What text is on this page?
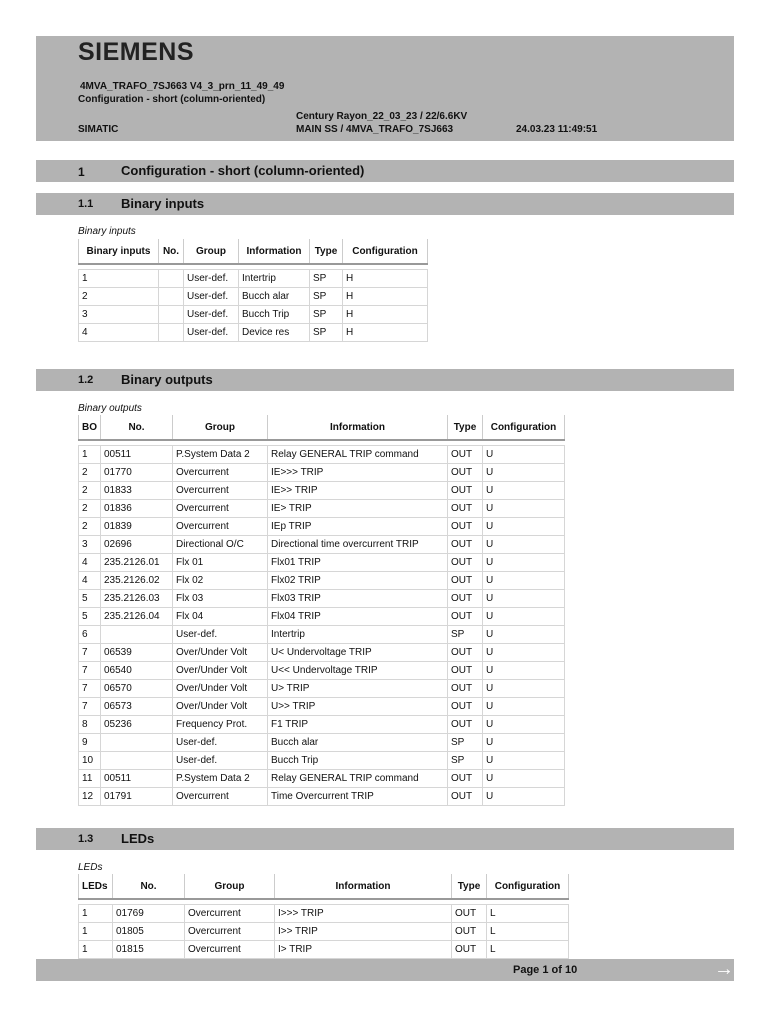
SIEMENS
4MVA_TRAFO_7SJ663 V4_3_prn_11_49_49
Configuration - short (column-oriented)
Century Rayon_22_03_23 / 22/6.6KV
SIMATIC	MAIN SS / 4MVA_TRAFO_7SJ663	24.03.23 11:49:51
1	Configuration - short (column-oriented)
1.1 Binary inputs
Binary inputs
Binary inputs	No.	Group	Information	Type	Configuration

1		User-def.	Intertrip	SP	H
2		User-def.	Bucch alar	SP	H
3		User-def.	Bucch Trip	SP	H
4		User-def.	Device res	SP	H
1.2 Binary outputs
Binary outputs
BO	No.	Group	Information	Type	Configuration

1	00511	P.System Data 2	Relay GENERAL TRIP command	OUT	U
2	01770	Overcurrent	IE>>> TRIP	OUT	U
2	01833	Overcurrent	IE>> TRIP	OUT	U
2	01836	Overcurrent	IE> TRIP	OUT	U
2	01839	Overcurrent	IEp TRIP	OUT	U
3	02696	Directional O/C	Directional time overcurrent TRIP	OUT	U
4	235.2126.01	Flx 01	Flx01 TRIP	OUT	U
4	235.2126.02	Flx 02	Flx02 TRIP	OUT	U
5	235.2126.03	Flx 03	Flx03 TRIP	OUT	U
5	235.2126.04	Flx 04	Flx04 TRIP	OUT	U
6		User-def.	Intertrip	SP	U
7	06539	Over/Under Volt	U< Undervoltage TRIP	OUT	U
7	06540	Over/Under Volt	U<< Undervoltage TRIP	OUT	U
7	06570	Over/Under Volt	U> TRIP	OUT	U
7	06573	Over/Under Volt	U>> TRIP	OUT	U
8	05236	Frequency Prot.	F1 TRIP	OUT	U
9		User-def.	Bucch alar	SP	U
10		User-def.	Bucch Trip	SP	U
11	00511	P.System Data 2	Relay GENERAL TRIP command	OUT	U
12	01791	Overcurrent	Time Overcurrent TRIP	OUT	U
1.3 LEDs
LEDs
LEDs	No.	Group	Information	Type	Configuration

1	01769	Overcurrent	I>>> TRIP	OUT	L
1	01805	Overcurrent	I>> TRIP	OUT	L
1	01815	Overcurrent	I> TRIP	OUT	L
Page 1 of 10	→
